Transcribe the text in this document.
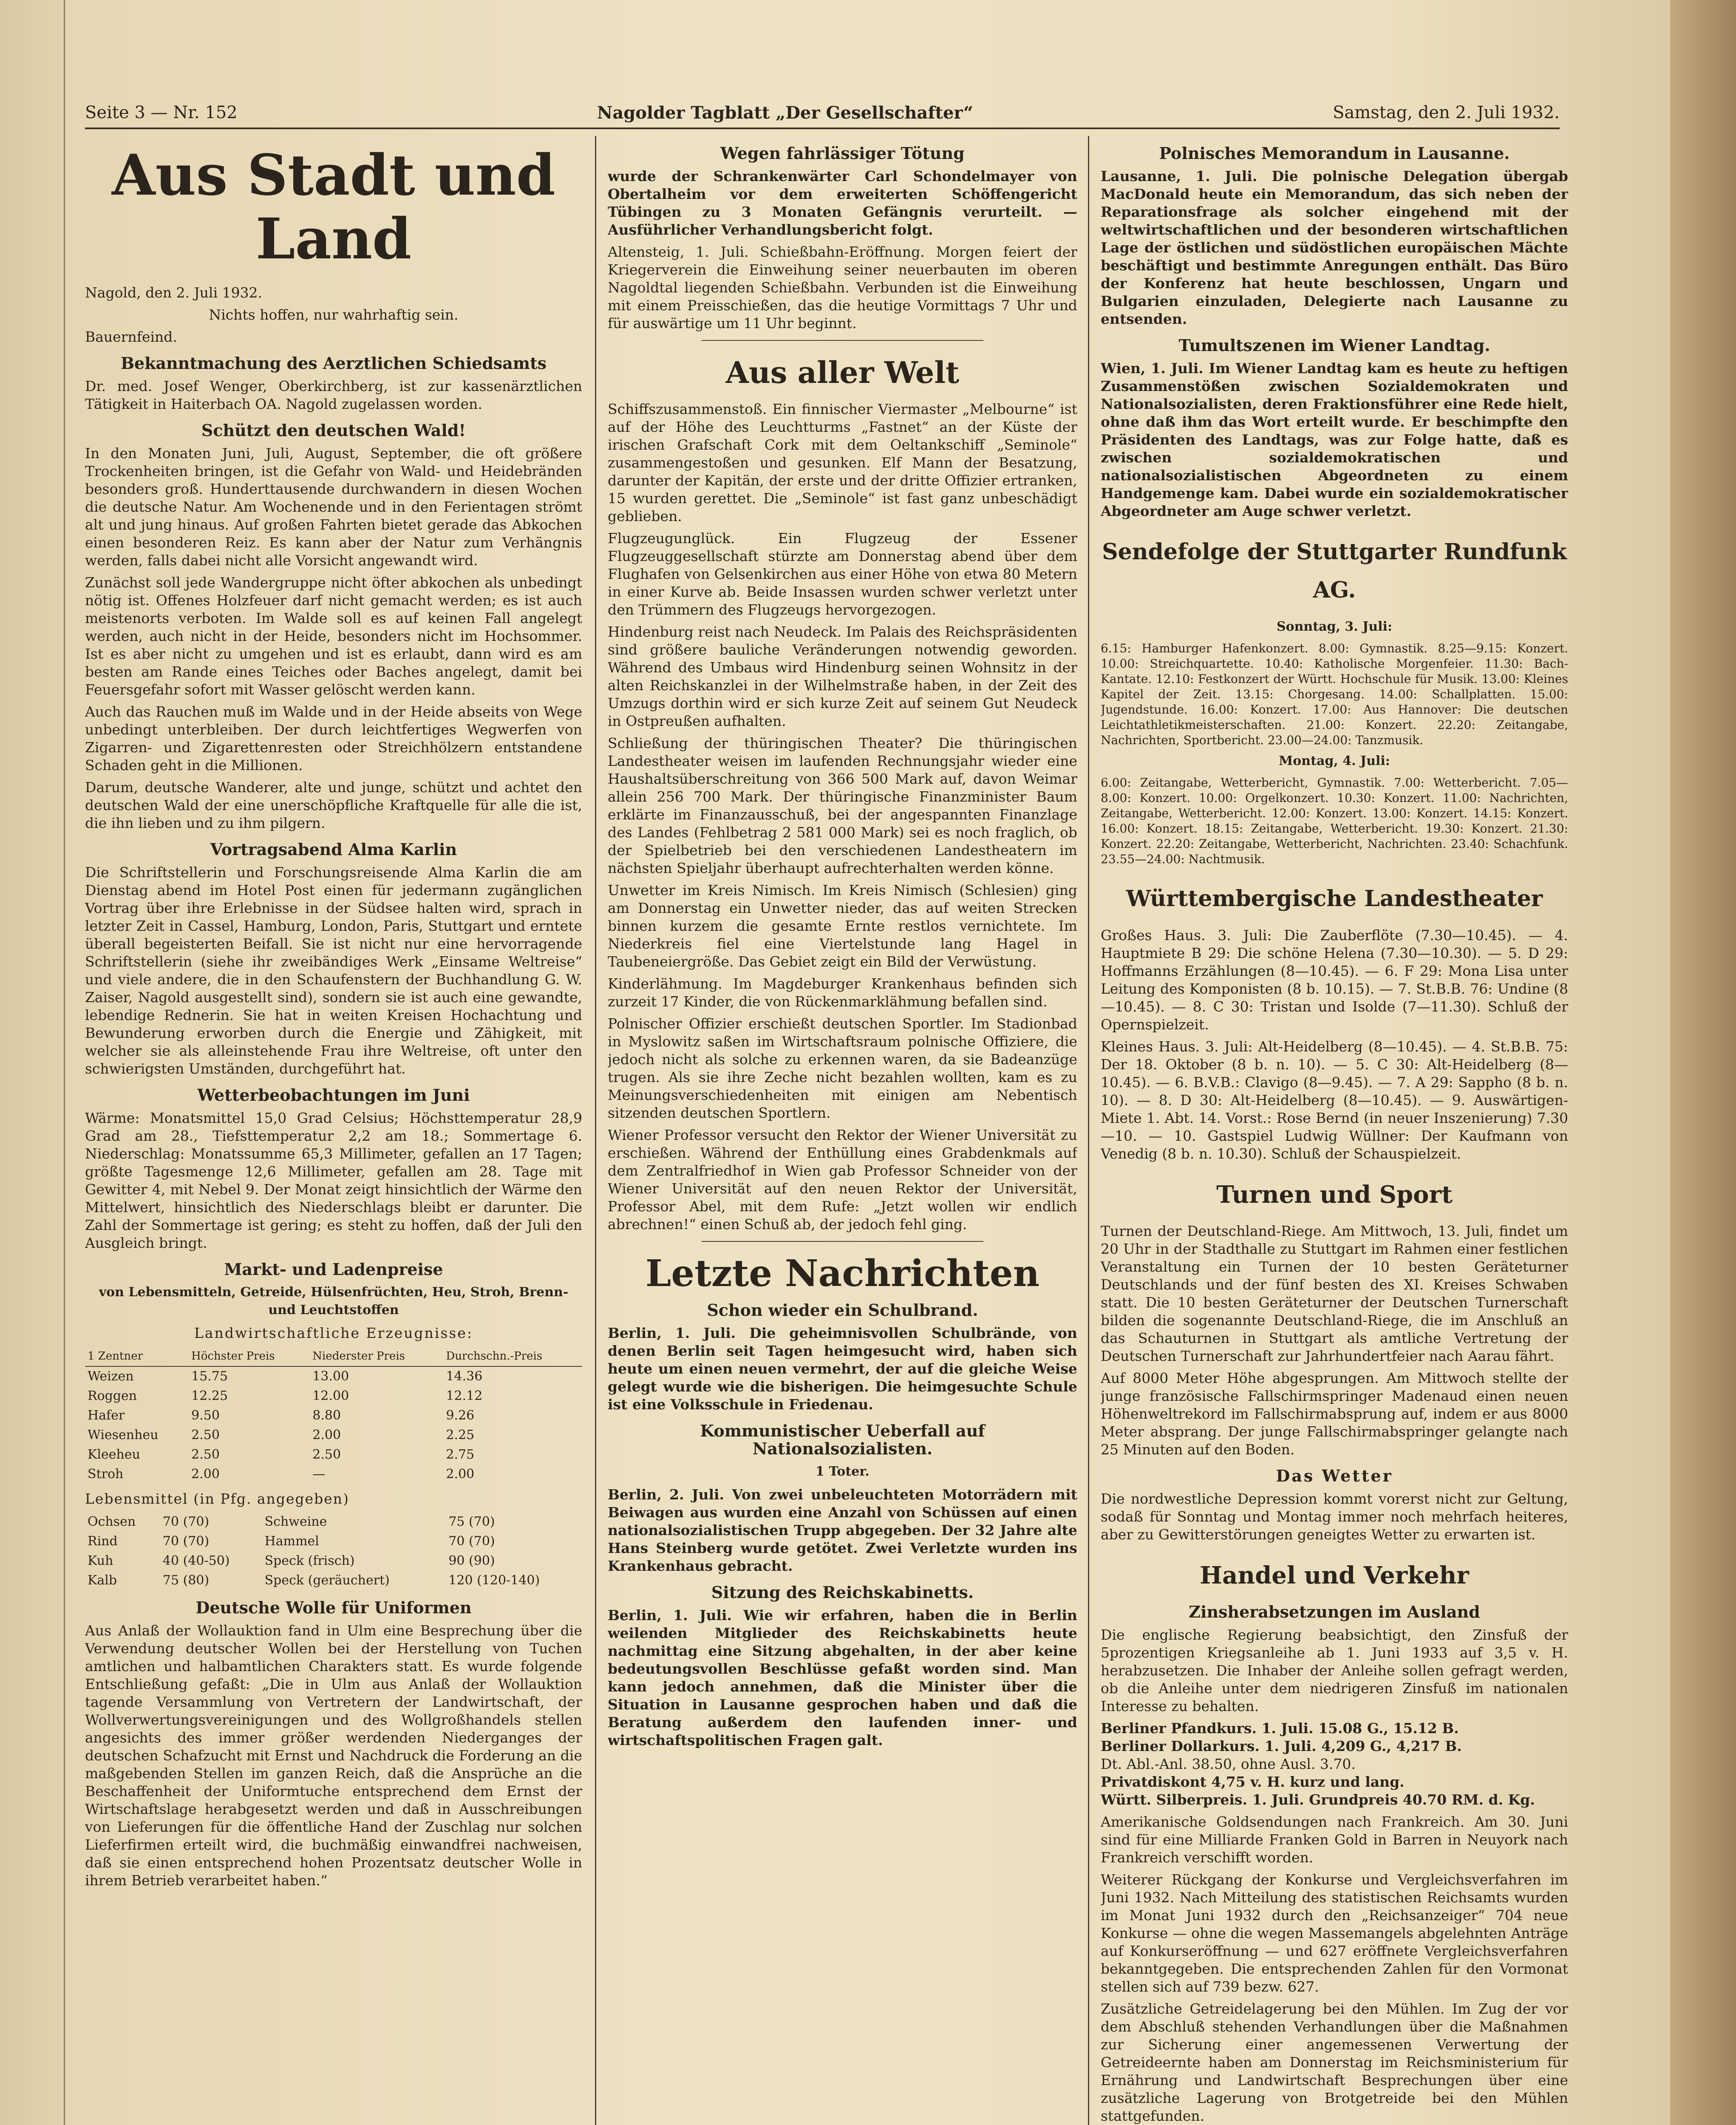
Seite 3 — Nr. 152	Nagolder Tagblatt „Der Gesellschafter“	Samstag, den 2. Juli 1932.
Aus Stadt und Land

Nagold, den 2. Juli 1932.

Nichts hoffen, nur wahrhaftig sein.

Bauernfeind.

Bekanntmachung des Aerztlichen Schiedsamts

Dr. med. Josef Wenger, Oberkirchberg, ist zur kassenärztlichen Tätigkeit in Haiterbach OA. Nagold zugelassen worden.

Schützt den deutschen Wald!

In den Monaten Juni, Juli, August, September, die oft größere Trockenheiten bringen, ist die Gefahr von Wald- und Heidebränden besonders groß. Hunderttausende durchwandern in diesen Wochen die deutsche Natur. Am Wochenende und in den Ferientagen strömt alt und jung hinaus. Auf großen Fahrten bietet gerade das Abkochen einen besonderen Reiz. Es kann aber der Natur zum Verhängnis werden, falls dabei nicht alle Vorsicht angewandt wird.

Zunächst soll jede Wandergruppe nicht öfter abkochen als unbedingt nötig ist. Offenes Holzfeuer darf nicht gemacht werden; es ist auch meistenorts verboten. Im Walde soll es auf keinen Fall angelegt werden, auch nicht in der Heide, besonders nicht im Hochsommer. Ist es aber nicht zu umgehen und ist es erlaubt, dann wird es am besten am Rande eines Teiches oder Baches angelegt, damit bei Feuersgefahr sofort mit Wasser gelöscht werden kann.

Auch das Rauchen muß im Walde und in der Heide abseits von Wege unbedingt unterbleiben. Der durch leichtfertiges Wegwerfen von Zigarren- und Zigarettenresten oder Streichhölzern entstandene Schaden geht in die Millionen.

Darum, deutsche Wanderer, alte und junge, schützt und achtet den deutschen Wald der eine unerschöpfliche Kraftquelle für alle die ist, die ihn lieben und zu ihm pilgern.

Vortragsabend Alma Karlin

Die Schriftstellerin und Forschungsreisende Alma Karlin die am Dienstag abend im Hotel Post einen für jedermann zugänglichen Vortrag über ihre Erlebnisse in der Südsee halten wird, sprach in letzter Zeit in Cassel, Hamburg, London, Paris, Stuttgart und erntete überall begeisterten Beifall. Sie ist nicht nur eine hervorragende Schriftstellerin (siehe ihr zweibändiges Werk „Einsame Weltreise“ und viele andere, die in den Schaufenstern der Buchhandlung G. W. Zaiser, Nagold ausgestellt sind), sondern sie ist auch eine gewandte, lebendige Rednerin. Sie hat in weiten Kreisen Hochachtung und Bewunderung erworben durch die Energie und Zähigkeit, mit welcher sie als alleinstehende Frau ihre Weltreise, oft unter den schwierigsten Umständen, durchgeführt hat.

Wetterbeobachtungen im Juni

Wärme: Monatsmittel 15,0 Grad Celsius; Höchsttemperatur 28,9 Grad am 28., Tiefsttemperatur 2,2 am 18.; Sommertage 6. Niederschlag: Monatssumme 65,3 Millimeter, gefallen an 17 Tagen; größte Tagesmenge 12,6 Millimeter, gefallen am 28. Tage mit Gewitter 4, mit Nebel 9. Der Monat zeigt hinsichtlich der Wärme den Mittelwert, hinsichtlich des Niederschlags bleibt er darunter. Die Zahl der Sommertage ist gering; es steht zu hoffen, daß der Juli den Ausgleich bringt.

Markt- und Ladenpreise
von Lebensmitteln, Getreide, Hülsenfrüchten, Heu, Stroh, Brenn- und Leuchtstoffen

Landwirtschaftliche Erzeugnisse:

1 Zentner	Höchster Preis	Niederster Preis	Durchschn.-Preis
Weizen	15.75	13.00	14.36
Roggen	12.25	12.00	12.12
Hafer	9.50	8.80	9.26
Wiesenheu	2.50	2.00	2.25
Kleeheu	2.50	2.50	2.75
Stroh	2.00	—	2.00

Lebensmittel (in Pfg. angegeben)

Ochsen	70 (70)	Schweine	75 (70)
Rind	70 (70)	Hammel	70 (70)
Kuh	40 (40-50)	Speck (frisch)	90 (90)
Kalb	75 (80)	Speck (geräuchert)	120 (120-140)
Deutsche Wolle für Uniformen

Aus Anlaß der Wollauktion fand in Ulm eine Besprechung über die Verwendung deutscher Wollen bei der Herstellung von Tuchen amtlichen und halbamtlichen Charakters statt. Es wurde folgende Entschließung gefaßt: „Die in Ulm aus Anlaß der Wollauktion tagende Versammlung von Vertretern der Landwirtschaft, der Wollverwertungsvereinigungen und des Wollgroßhandels stellen angesichts des immer größer werdenden Niederganges der deutschen Schafzucht mit Ernst und Nachdruck die Forderung an die maßgebenden Stellen im ganzen Reich, daß die Ansprüche an die Beschaffenheit der Uniformtuche entsprechend dem Ernst der Wirtschaftslage herabgesetzt werden und daß in Ausschreibungen von Lieferungen für die öffentliche Hand der Zuschlag nur solchen Lieferfirmen erteilt wird, die buchmäßig einwandfrei nachweisen, daß sie einen entsprechend hohen Prozentsatz deutscher Wolle in ihrem Betrieb verarbeitet haben.“

Wegen fahrlässiger Tötung

wurde der Schrankenwärter Carl Schondelmayer von Obertalheim vor dem erweiterten Schöffengericht Tübingen zu 3 Monaten Gefängnis verurteilt. — Ausführlicher Verhandlungsbericht folgt.

Altensteig, 1. Juli. Schießbahn-Eröffnung. Morgen feiert der Kriegerverein die Einweihung seiner neuerbauten im oberen Nagoldtal liegenden Schießbahn. Verbunden ist die Einweihung mit einem Preisschießen, das die heutige Vormittags 7 Uhr und für auswärtige um 11 Uhr beginnt.

Aus aller Welt

Schiffszusammenstoß. Ein finnischer Viermaster „Melbourne“ ist auf der Höhe des Leuchtturms „Fastnet“ an der Küste der irischen Grafschaft Cork mit dem Oeltankschiff „Seminole“ zusammengestoßen und gesunken. Elf Mann der Besatzung, darunter der Kapitän, der erste und der dritte Offizier ertranken, 15 wurden gerettet. Die „Seminole“ ist fast ganz unbeschädigt geblieben.

Flugzeugunglück. Ein Flugzeug der Essener Flugzeuggesellschaft stürzte am Donnerstag abend über dem Flughafen von Gelsenkirchen aus einer Höhe von etwa 80 Metern in einer Kurve ab. Beide Insassen wurden schwer verletzt unter den Trümmern des Flugzeugs hervorgezogen.

Hindenburg reist nach Neudeck. Im Palais des Reichspräsidenten sind größere bauliche Veränderungen notwendig geworden. Während des Umbaus wird Hindenburg seinen Wohnsitz in der alten Reichskanzlei in der Wilhelmstraße haben, in der Zeit des Umzugs dorthin wird er sich kurze Zeit auf seinem Gut Neudeck in Ostpreußen aufhalten.

Schließung der thüringischen Theater? Die thüringischen Landestheater weisen im laufenden Rechnungsjahr wieder eine Haushaltsüberschreitung von 366 500 Mark auf, davon Weimar allein 256 700 Mark. Der thüringische Finanzminister Baum erklärte im Finanzausschuß, bei der angespannten Finanzlage des Landes (Fehlbetrag 2 581 000 Mark) sei es noch fraglich, ob der Spielbetrieb bei den verschiedenen Landestheatern im nächsten Spieljahr überhaupt aufrechterhalten werden könne.

Unwetter im Kreis Nimisch. Im Kreis Nimisch (Schlesien) ging am Donnerstag ein Unwetter nieder, das auf weiten Strecken binnen kurzem die gesamte Ernte restlos vernichtete. Im Niederkreis fiel eine Viertelstunde lang Hagel in Taubeneiergröße. Das Gebiet zeigt ein Bild der Verwüstung.

Kinderlähmung. Im Magdeburger Krankenhaus befinden sich zurzeit 17 Kinder, die von Rückenmarklähmung befallen sind.

Polnischer Offizier erschießt deutschen Sportler. Im Stadionbad in Myslowitz saßen im Wirtschaftsraum polnische Offiziere, die jedoch nicht als solche zu erkennen waren, da sie Badeanzüge trugen. Als sie ihre Zeche nicht bezahlen wollten, kam es zu Meinungsverschiedenheiten mit einigen am Nebentisch sitzenden deutschen Sportlern.

Wiener Professor versucht den Rektor der Wiener Universität zu erschießen. Während der Enthüllung eines Grabdenkmals auf dem Zentralfriedhof in Wien gab Professor Schneider von der Wiener Universität auf den neuen Rektor der Universität, Professor Abel, mit dem Rufe: „Jetzt wollen wir endlich abrechnen!“ einen Schuß ab, der jedoch fehl ging.

Letzte Nachrichten
Schon wieder ein Schulbrand.

Berlin, 1. Juli. Die geheimnisvollen Schulbrände, von denen Berlin seit Tagen heimgesucht wird, haben sich heute um einen neuen vermehrt, der auf die gleiche Weise gelegt wurde wie die bisherigen. Die heimgesuchte Schule ist eine Volksschule in Friedenau.

Kommunistischer Ueberfall auf Nationalsozialisten.
1 Toter.

Berlin, 2. Juli. Von zwei unbeleuchteten Motorrädern mit Beiwagen aus wurden eine Anzahl von Schüssen auf einen nationalsozialistischen Trupp abgegeben. Der 32 Jahre alte Hans Steinberg wurde getötet. Zwei Verletzte wurden ins Krankenhaus gebracht.

Sitzung des Reichskabinetts.

Berlin, 1. Juli. Wie wir erfahren, haben die in Berlin weilenden Mitglieder des Reichskabinetts heute nachmittag eine Sitzung abgehalten, in der aber keine bedeutungsvollen Beschlüsse gefaßt worden sind. Man kann jedoch annehmen, daß die Minister über die Situation in Lausanne gesprochen haben und daß die Beratung außerdem den laufenden inner- und wirtschaftspolitischen Fragen galt.

Polnisches Memorandum in Lausanne.

Lausanne, 1. Juli. Die polnische Delegation übergab MacDonald heute ein Memorandum, das sich neben der Reparationsfrage als solcher eingehend mit der weltwirtschaftlichen und der besonderen wirtschaftlichen Lage der östlichen und südöstlichen europäischen Mächte beschäftigt und bestimmte Anregungen enthält. Das Büro der Konferenz hat heute beschlossen, Ungarn und Bulgarien einzuladen, Delegierte nach Lausanne zu entsenden.

Tumultszenen im Wiener Landtag.

Wien, 1. Juli. Im Wiener Landtag kam es heute zu heftigen Zusammenstößen zwischen Sozialdemokraten und Nationalsozialisten, deren Fraktionsführer eine Rede hielt, ohne daß ihm das Wort erteilt wurde. Er beschimpfte den Präsidenten des Landtags, was zur Folge hatte, daß es zwischen sozialdemokratischen und nationalsozialistischen Abgeordneten zu einem Handgemenge kam. Dabei wurde ein sozialdemokratischer Abgeordneter am Auge schwer verletzt.

Sendefolge der Stuttgarter Rundfunk AG.
Sonntag, 3. Juli:

6.15: Hamburger Hafenkonzert. 8.00: Gymnastik. 8.25—9.15: Konzert. 10.00: Streichquartette. 10.40: Katholische Morgenfeier. 11.30: Bach-Kantate. 12.10: Festkonzert der Württ. Hochschule für Musik. 13.00: Kleines Kapitel der Zeit. 13.15: Chorgesang. 14.00: Schallplatten. 15.00: Jugendstunde. 16.00: Konzert. 17.00: Aus Hannover: Die deutschen Leichtathletikmeisterschaften. 21.00: Konzert. 22.20: Zeitangabe, Nachrichten, Sportbericht. 23.00—24.00: Tanzmusik.

Montag, 4. Juli:

6.00: Zeitangabe, Wetterbericht, Gymnastik. 7.00: Wetterbericht. 7.05—8.00: Konzert. 10.00: Orgelkonzert. 10.30: Konzert. 11.00: Nachrichten, Zeitangabe, Wetterbericht. 12.00: Konzert. 13.00: Konzert. 14.15: Konzert. 16.00: Konzert. 18.15: Zeitangabe, Wetterbericht. 19.30: Konzert. 21.30: Konzert. 22.20: Zeitangabe, Wetterbericht, Nachrichten. 23.40: Schachfunk. 23.55—24.00: Nachtmusik.

Württembergische Landestheater

Großes Haus. 3. Juli: Die Zauberflöte (7.30—10.45). — 4. Hauptmiete B 29: Die schöne Helena (7.30—10.30). — 5. D 29: Hoffmanns Erzählungen (8—10.45). — 6. F 29: Mona Lisa unter Leitung des Komponisten (8 b. 10.15). — 7. St.B.B. 76: Undine (8—10.45). — 8. C 30: Tristan und Isolde (7—11.30). Schluß der Opernspielzeit.

Kleines Haus. 3. Juli: Alt-Heidelberg (8—10.45). — 4. St.B.B. 75: Der 18. Oktober (8 b. n. 10). — 5. C 30: Alt-Heidelberg (8—10.45). — 6. B.V.B.: Clavigo (8—9.45). — 7. A 29: Sappho (8 b. n. 10). — 8. D 30: Alt-Heidelberg (8—10.45). — 9. Auswärtigen-Miete 1. Abt. 14. Vorst.: Rose Bernd (in neuer Inszenierung) 7.30—10. — 10. Gastspiel Ludwig Wüllner: Der Kaufmann von Venedig (8 b. n. 10.30). Schluß der Schauspielzeit.

Turnen und Sport

Turnen der Deutschland-Riege. Am Mittwoch, 13. Juli, findet um 20 Uhr in der Stadthalle zu Stuttgart im Rahmen einer festlichen Veranstaltung ein Turnen der 10 besten Geräteturner Deutschlands und der fünf besten des XI. Kreises Schwaben statt. Die 10 besten Geräteturner der Deutschen Turnerschaft bilden die sogenannte Deutschland-Riege, die im Anschluß an das Schauturnen in Stuttgart als amtliche Vertretung der Deutschen Turnerschaft zur Jahrhundertfeier nach Aarau fährt.

Auf 8000 Meter Höhe abgesprungen. Am Mittwoch stellte der junge französische Fallschirmspringer Madenaud einen neuen Höhenweltrekord im Fallschirmabsprung auf, indem er aus 8000 Meter absprang. Der junge Fallschirmabspringer gelangte nach 25 Minuten auf den Boden.

Das Wetter

Die nordwestliche Depression kommt vorerst nicht zur Geltung, sodaß für Sonntag und Montag immer noch mehrfach heiteres, aber zu Gewitterstörungen geneigtes Wetter zu erwarten ist.

Handel und Verkehr
Zinsherabsetzungen im Ausland

Die englische Regierung beabsichtigt, den Zinsfuß der 5prozentigen Kriegsanleihe ab 1. Juni 1933 auf 3,5 v. H. herabzusetzen. Die Inhaber der Anleihe sollen gefragt werden, ob die Anleihe unter dem niedrigeren Zinsfuß im nationalen Interesse zu behalten.

Berliner Pfandkurs. 1. Juli. 15.08 G., 15.12 B.

Berliner Dollarkurs. 1. Juli. 4,209 G., 4,217 B.

Dt. Abl.-Anl. 38.50, ohne Ausl. 3.70.

Privatdiskont 4,75 v. H. kurz und lang.

Württ. Silberpreis. 1. Juli. Grundpreis 40.70 RM. d. Kg.

Amerikanische Goldsendungen nach Frankreich. Am 30. Juni sind für eine Milliarde Franken Gold in Barren in Neuyork nach Frankreich verschifft worden.

Weiterer Rückgang der Konkurse und Vergleichsverfahren im Juni 1932. Nach Mitteilung des statistischen Reichsamts wurden im Monat Juni 1932 durch den „Reichsanzeiger“ 704 neue Konkurse — ohne die wegen Massemangels abgelehnten Anträge auf Konkurseröffnung — und 627 eröffnete Vergleichsverfahren bekanntgegeben. Die entsprechenden Zahlen für den Vormonat stellen sich auf 739 bezw. 627.

Zusätzliche Getreidelagerung bei den Mühlen. Im Zug der vor dem Abschluß stehenden Verhandlungen über die Maßnahmen zur Sicherung einer angemessenen Verwertung der Getreideernte haben am Donnerstag im Reichsministerium für Ernährung und Landwirtschaft Besprechungen über eine zusätzliche Lagerung von Brotgetreide bei den Mühlen stattgefunden.
